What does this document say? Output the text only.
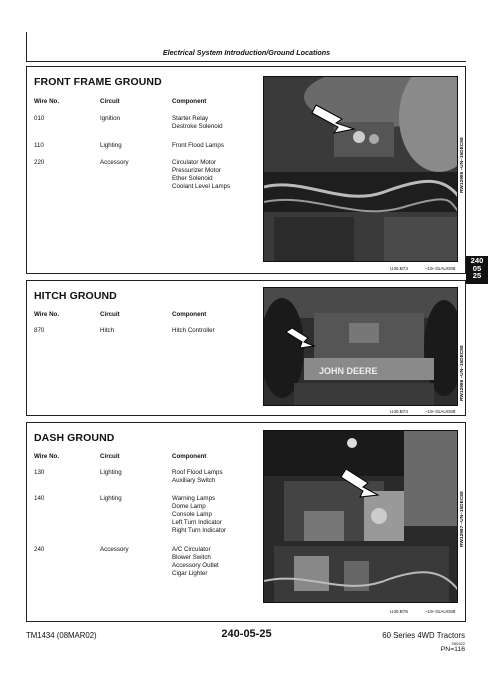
Electrical System Introduction/Ground Locations
240
05
25
FRONT FRAME GROUND
Wire No.	Circuit	Component
010	Ignition	Starter Relay
Destroke Solenoid
110	Lighting	Front Flood Lamps
220	Accessory	Circulator Motor
Pressurizer Motor
Ether Solenoid
Coolant Level Lamps	RW12985 –UN–15DEC88
U40.B73	–19–31AUG88
HITCH GROUND
Wire No.	Circuit	Component
870	Hitch	Hitch Controller
JOHN DEERE	RW12986 –UN–15DEC88
U40.B74	–19–31AUG88
DASH GROUND
Wire No.	Circuit	Component
130	Lighting	Roof Flood Lamps
Auxiliary Switch
140	Lighting	Warning Lamps
Dome Lamp
Console Lamp
Left Turn Indicator
Right Turn Indicator
240	Accessory	A/C Circulator
Blower Switch
Accessory Outlet
Cigar Lighter
RW12987 –UN–15DEC88
U40.B75	–19–31AUG88
TM1434 (08MAR02)	240-05-25	60 Series 4WD Tractors
050322
PN=116
